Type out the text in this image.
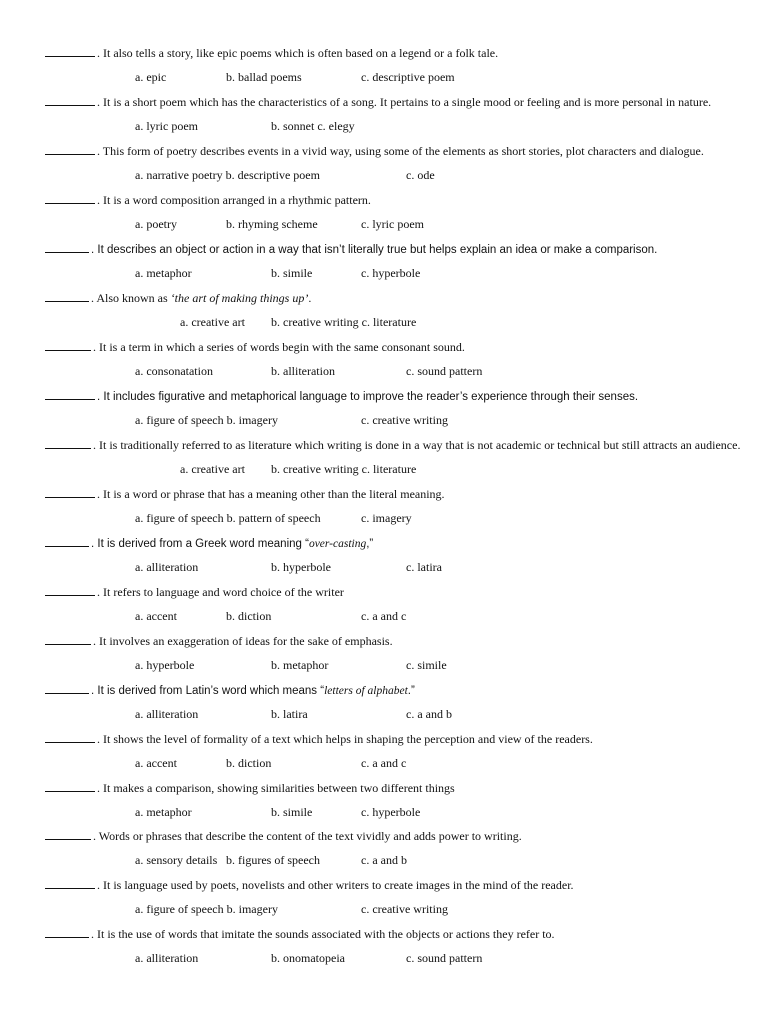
. It also tells a story, like epic poems which is often based on a legend or a folk tale.
a. epic	b. ballad poems	c. descriptive poem
. It is a short poem which has the characteristics of a song. It pertains to a single mood or feeling and is more personal in nature.
a. lyric poem	b. sonnet c. elegy
. This form of poetry describes events in a vivid way, using some of the elements as short stories, plot characters and dialogue.
a. narrative poetry b. descriptive poem	c. ode
. It is a word composition arranged in a rhythmic pattern.
a. poetry	b. rhyming scheme	c. lyric poem
. It describes an object or action in a way that isn’t literally true but helps explain an idea or make a comparison.
a. metaphor	b. simile	c. hyperbole
. Also known as ‘the art of making things up’.
a. creative art b. creative writing c. literature
. It is a term in which a series of words begin with the same consonant sound.
a. consonatation	b. alliteration	c. sound pattern
. It includes figurative and metaphorical language to improve the reader’s experience through their senses.
a. figure of speech b. imagery	c. creative writing
. It is traditionally referred to as literature which writing is done in a way that is not academic or technical but still attracts an audience.
a. creative art b. creative writing c. literature
. It is a word or phrase that has a meaning other than the literal meaning.
a. figure of speech b. pattern of speech	c. imagery
. It is derived from a Greek word meaning “over-casting,”
a. alliteration	b. hyperbole	c. latira
. It refers to language and word choice of the writer
a. accent	b. diction	c. a and c
. It involves an exaggeration of ideas for the sake of emphasis.
a. hyperbole	b. metaphor	c. simile
. It is derived from Latin’s word which means “letters of alphabet.”
a. alliteration	b. latira	c. a and b
. It shows the level of formality of a text which helps in shaping the perception and view of the readers.
a. accent	b. diction	c. a and c
. It makes a comparison, showing similarities between two different things
a. metaphor	b. simile	c. hyperbole
. Words or phrases that describe the content of the text vividly and adds power to writing.
a. sensory details b. figures of speech	c. a and b
. It is language used by poets, novelists and other writers to create images in the mind of the reader.
a. figure of speech b. imagery	c. creative writing
. It is the use of words that imitate the sounds associated with the objects or actions they refer to.
a. alliteration	b. onomatopeia	c. sound pattern
